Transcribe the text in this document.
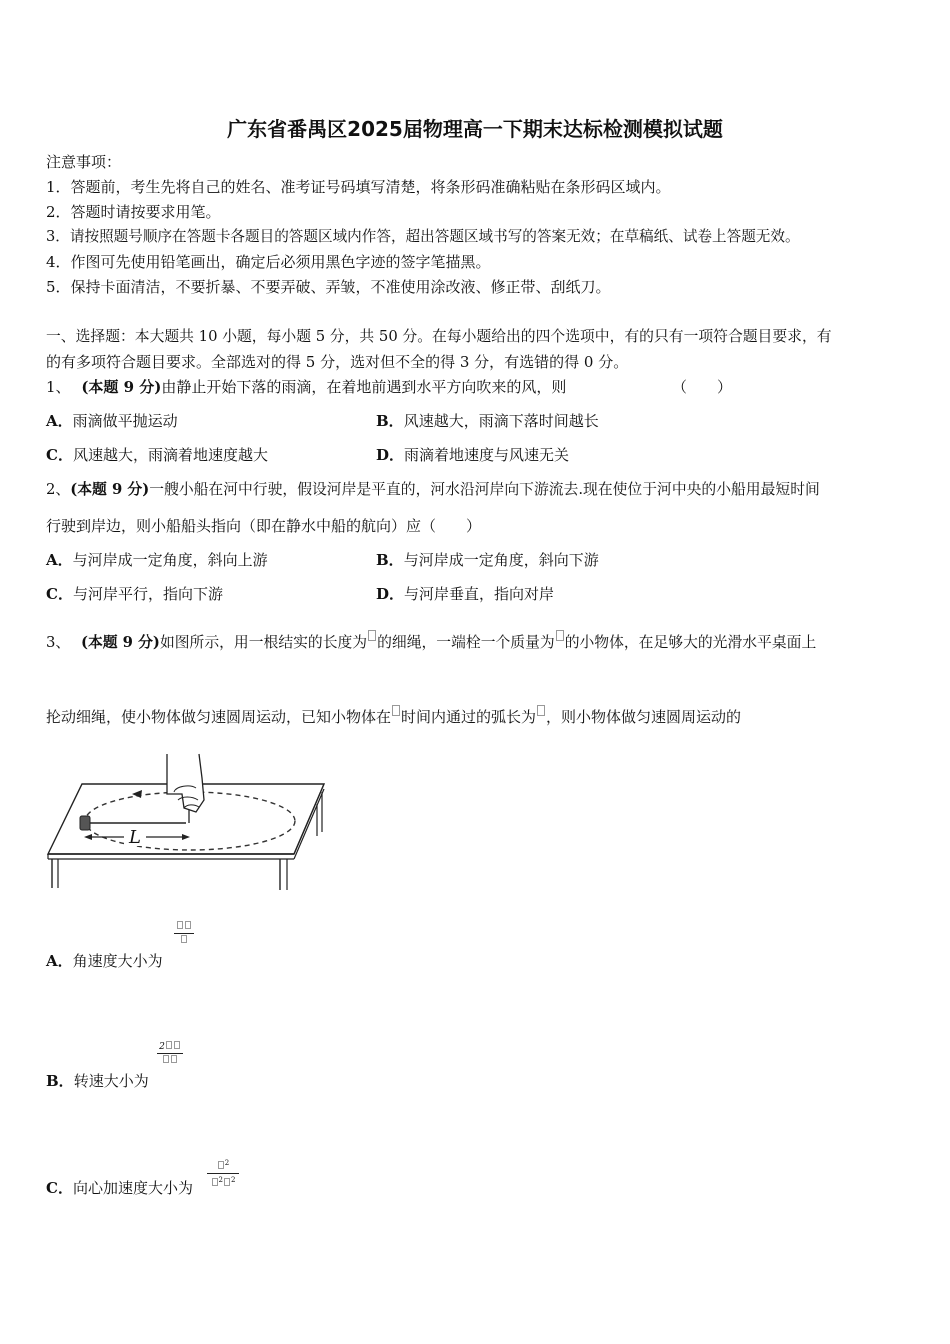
广东省番禺区2025届物理高一下期末达标检测模拟试题
注意事项：
1．答题前，考生先将自己的姓名、准考证号码填写清楚，将条形码准确粘贴在条形码区域内。
2．答题时请按要求用笔。
3．请按照题号顺序在答题卡各题目的答题区域内作答，超出答题区域书写的答案无效；在草稿纸、试卷上答题无效。
4．作图可先使用铅笔画出，确定后必须用黑色字迹的签字笔描黑。
5．保持卡面清洁，不要折暴、不要弄破、弄皱，不准使用涂改液、修正带、刮纸刀。
一、选择题：本大题共 10 小题，每小题 5 分，共 50 分。在每小题给出的四个选项中，有的只有一项符合题目要求，有
的有多项符合题目要求。全部选对的得 5 分，选对但不全的得 3 分，有选错的得 0 分。
1、 (本题 9 分)由静止开始下落的雨滴，在着地前遇到水平方向吹来的风，则	（　　）
A．雨滴做平抛运动	B．风速越大，雨滴下落时间越长
C．风速越大，雨滴着地速度越大	D．雨滴着地速度与风速无关
2、(本题 9 分)一艘小船在河中行驶，假设河岸是平直的，河水沿河岸向下游流去.现在使位于河中央的小船用最短时间
行驶到岸边，则小船船头指向（即在静水中船的航向）应（　　）
A．与河岸成一定角度，斜向上游	B．与河岸成一定角度，斜向下游
C．与河岸平行，指向下游	D．与河岸垂直，指向对岸
3、 (本题 9 分)如图所示，用一根结实的长度为 的细绳，一端栓一个质量为 的小物体，在足够大的光滑水平桌面上
抡动细绳，使小物体做匀速圆周运动，已知小物体在 时间内通过的弧长为 ，则小物体做匀速圆周运动的
L
A．角速度大小为
2
B．转速大小为
$^2$
$^2$ $^2$
C．向心加速度大小为
